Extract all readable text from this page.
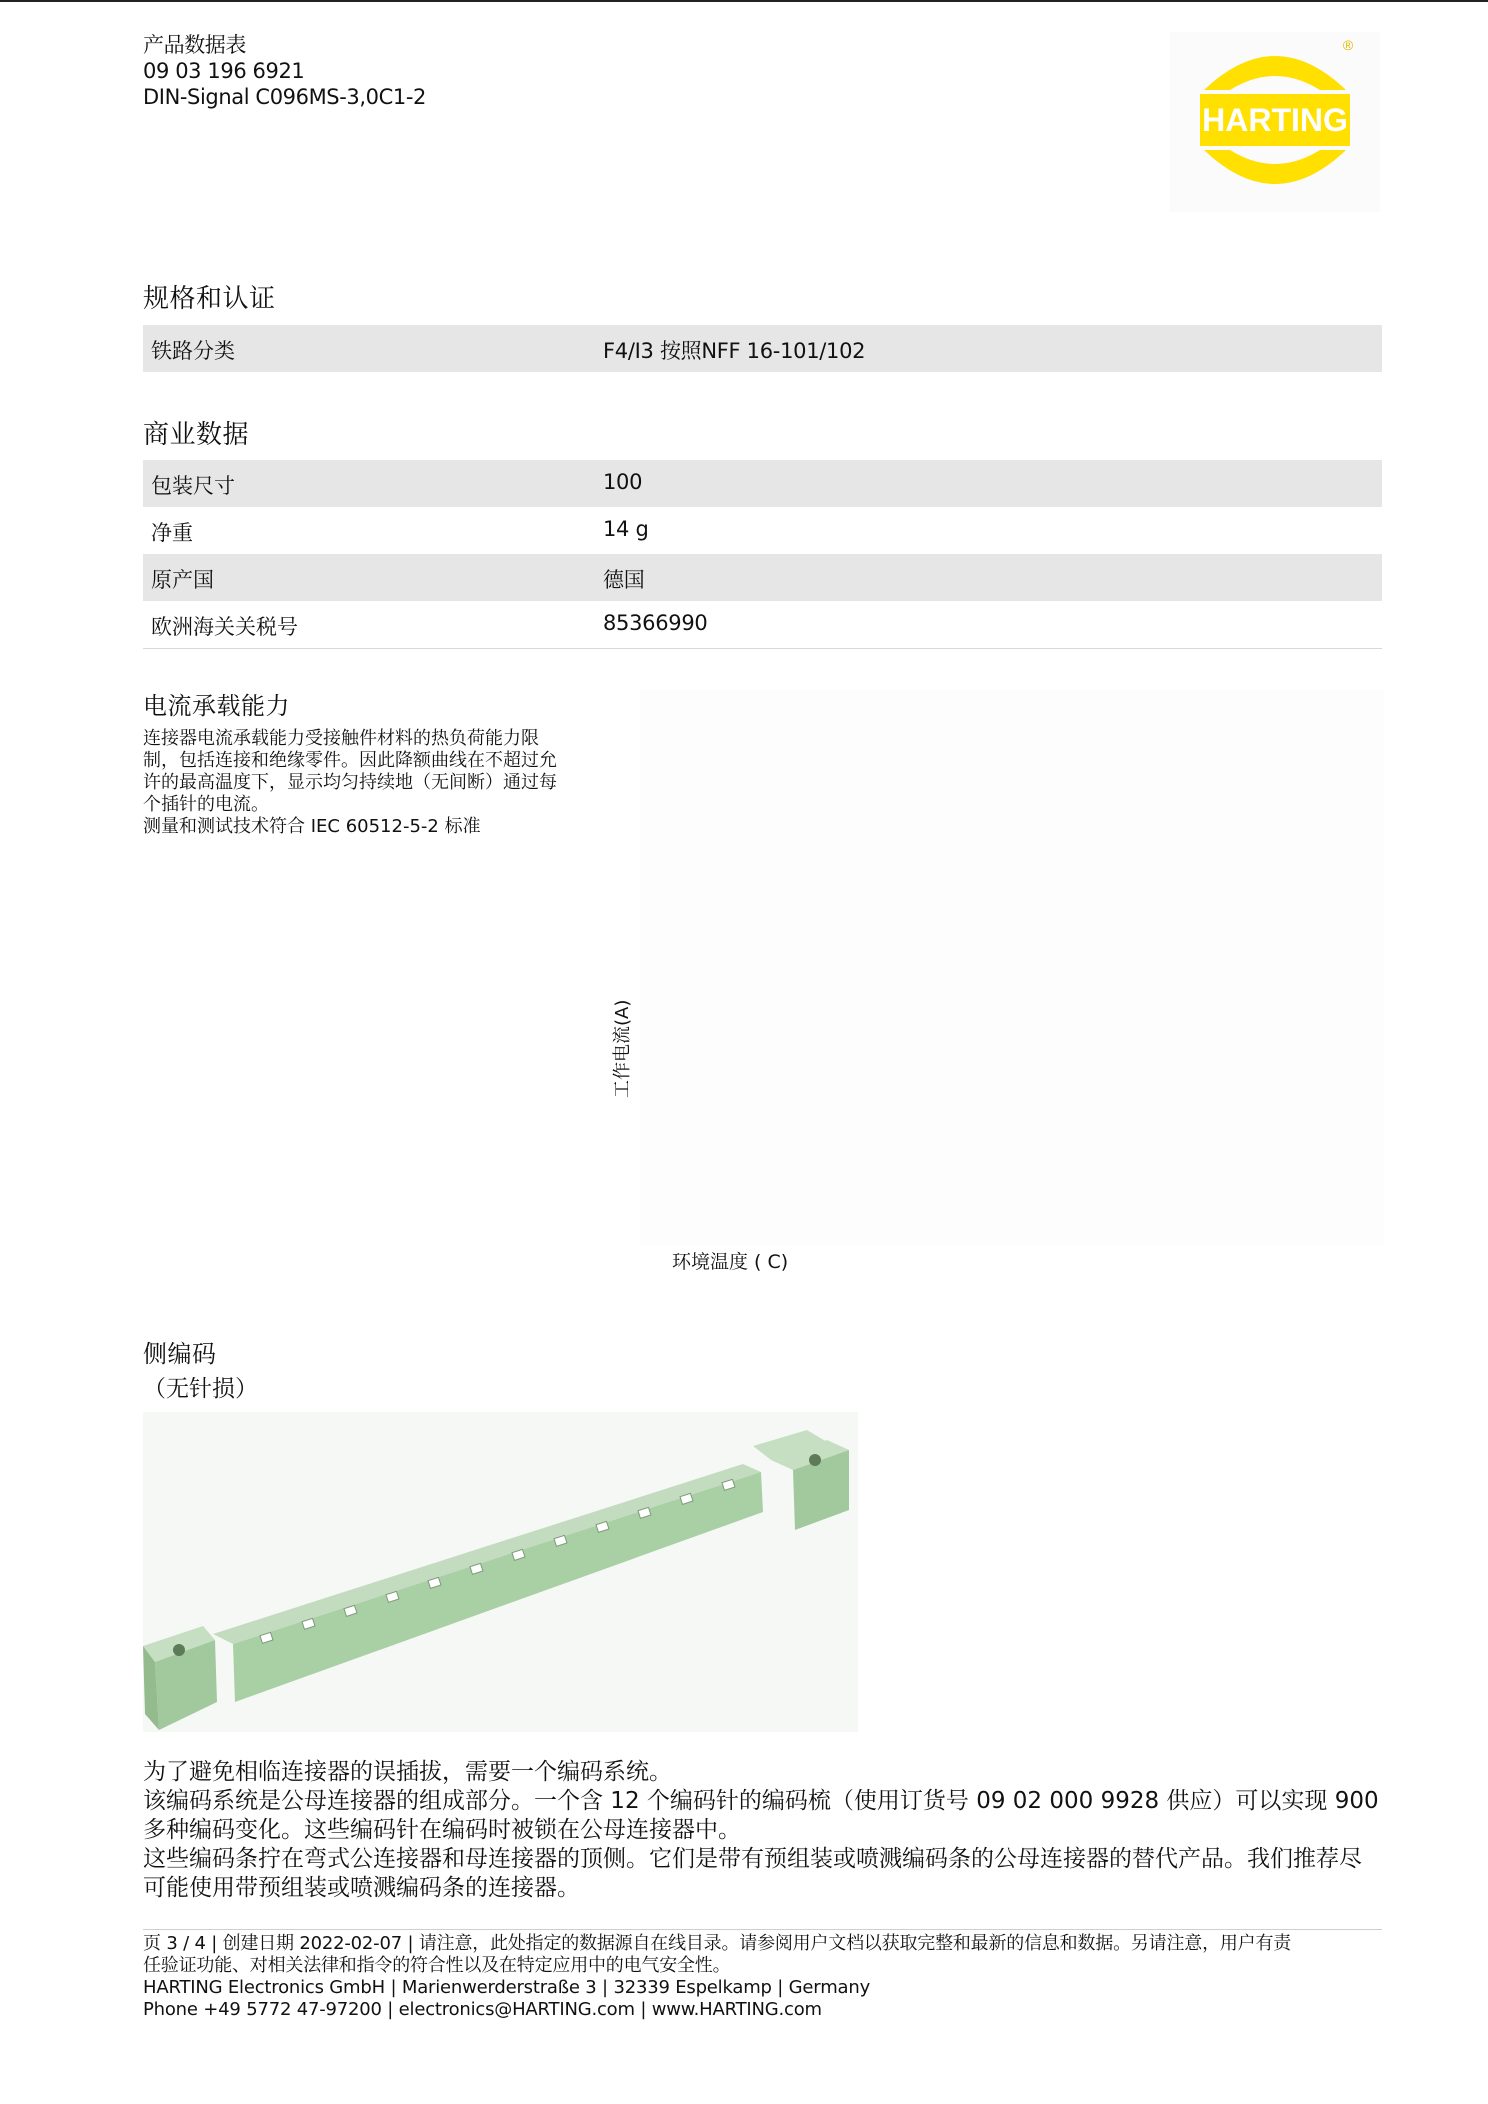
产品数据表
09 03 196 6921
DIN-Signal C096MS-3,0C1-2
HARTING
®
规格和认证
铁路分类	F4/I3 按照NFF 16-101/102
商业数据
包装尺寸	100
净重	14 g
原产国	德国
欧洲海关关税号	85366990
电流承载能力
连接器电流承载能力受接触件材料的热负荷能力限制，包括连接和绝缘零件。因此降额曲线在不超过允许的最高温度下，显示均匀持续地（无间断）通过每个插针的电流。
测量和测试技术符合 IEC 60512-5-2 标准
工作电流(A)
环境温度 ( C)
侧编码
（无针损）

为了避免相临连接器的误插拔，需要一个编码系统。

该编码系统是公母连接器的组成部分。一个含 12 个编码针的编码梳（使用订货号 09 02 000 9928 供应）可以实现 900 多种编码变化。这些编码针在编码时被锁在公母连接器中。

这些编码条拧在弯式公连接器和母连接器的顶侧。它们是带有预组装或喷溅编码条的公母连接器的替代产品。我们推荐尽可能使用带预组装或喷溅编码条的连接器。

页 3 / 4 | 创建日期 2022-02-07 | 请注意，此处指定的数据源自在线目录。请参阅用户文档以获取完整和最新的信息和数据。另请注意，用户有责
任验证功能、对相关法律和指令的符合性以及在特定应用中的电气安全性。
HARTING Electronics GmbH | Marienwerderstraße 3 | 32339 Espelkamp | Germany
Phone +49 5772 47-97200 | electronics@HARTING.com | www.HARTING.com
